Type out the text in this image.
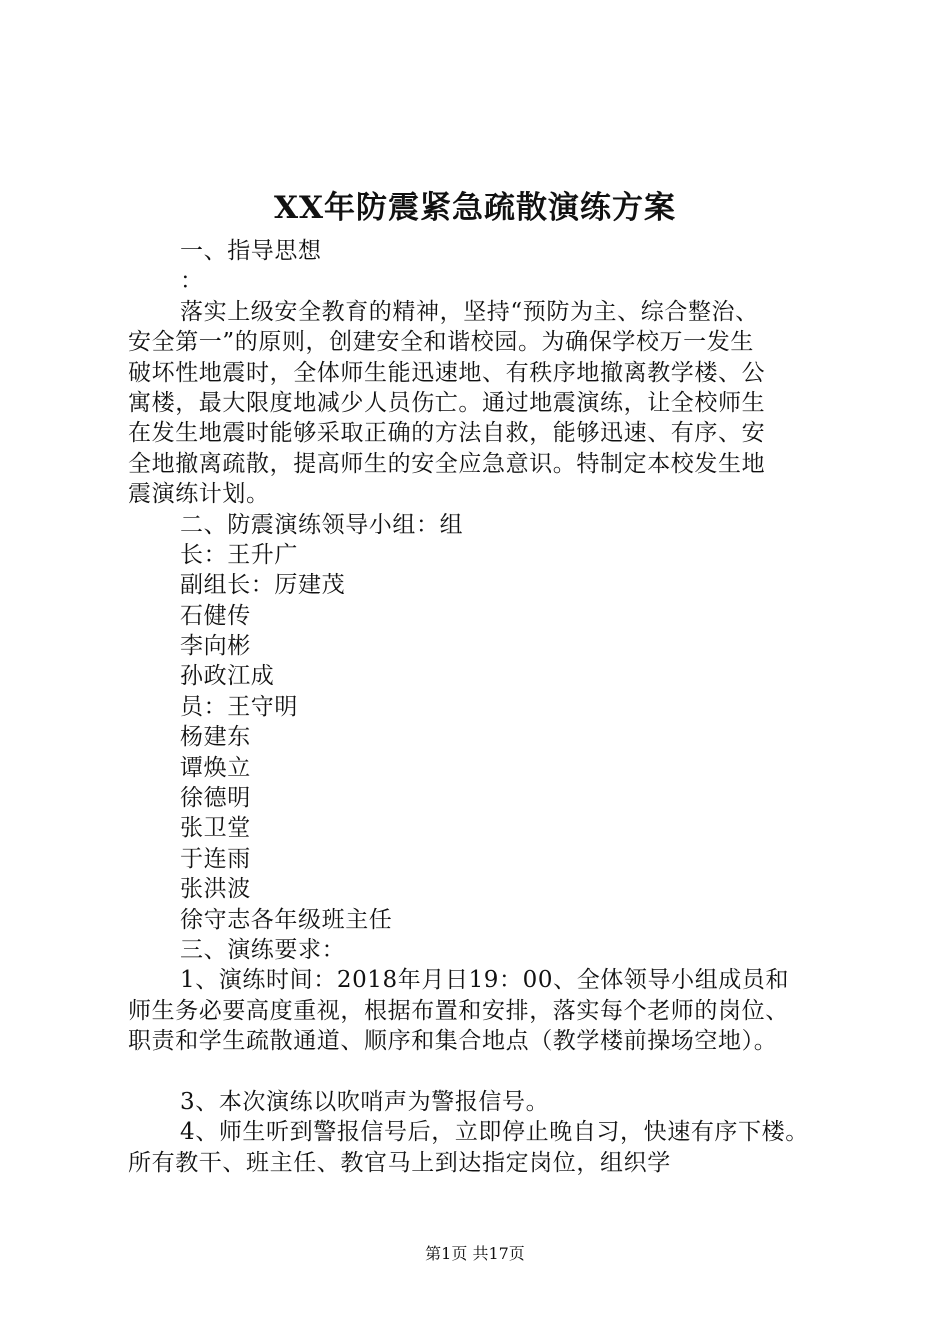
XX年防震紧急疏散演练方案
一、指导思想
：
落实上级安全教育的精神，坚持“预防为主、综合整治、
安全第一”的原则，创建安全和谐校园。为确保学校万一发生
破坏性地震时，全体师生能迅速地、有秩序地撤离教学楼、公
寓楼，最大限度地减少人员伤亡。通过地震演练，让全校师生
在发生地震时能够采取正确的方法自救，能够迅速、有序、安
全地撤离疏散，提高师生的安全应急意识。特制定本校发生地
震演练计划。
二、防震演练领导小组：组
长：王升广
副组长：厉建茂
石健传
李向彬
孙政江成
员：王守明
杨建东
谭焕立
徐德明
张卫堂
于连雨
张洪波
徐守志各年级班主任
三、演练要求：
1、演练时间：2018年月日19：00、全体领导小组成员和
师生务必要高度重视，根据布置和安排，落实每个老师的岗位、
职责和学生疏散通道、顺序和集合地点（教学楼前操场空地）。
3、本次演练以吹哨声为警报信号。
4、师生听到警报信号后，立即停止晚自习，快速有序下楼。
所有教干、班主任、教官马上到达指定岗位，组织学
第1页 共17页
